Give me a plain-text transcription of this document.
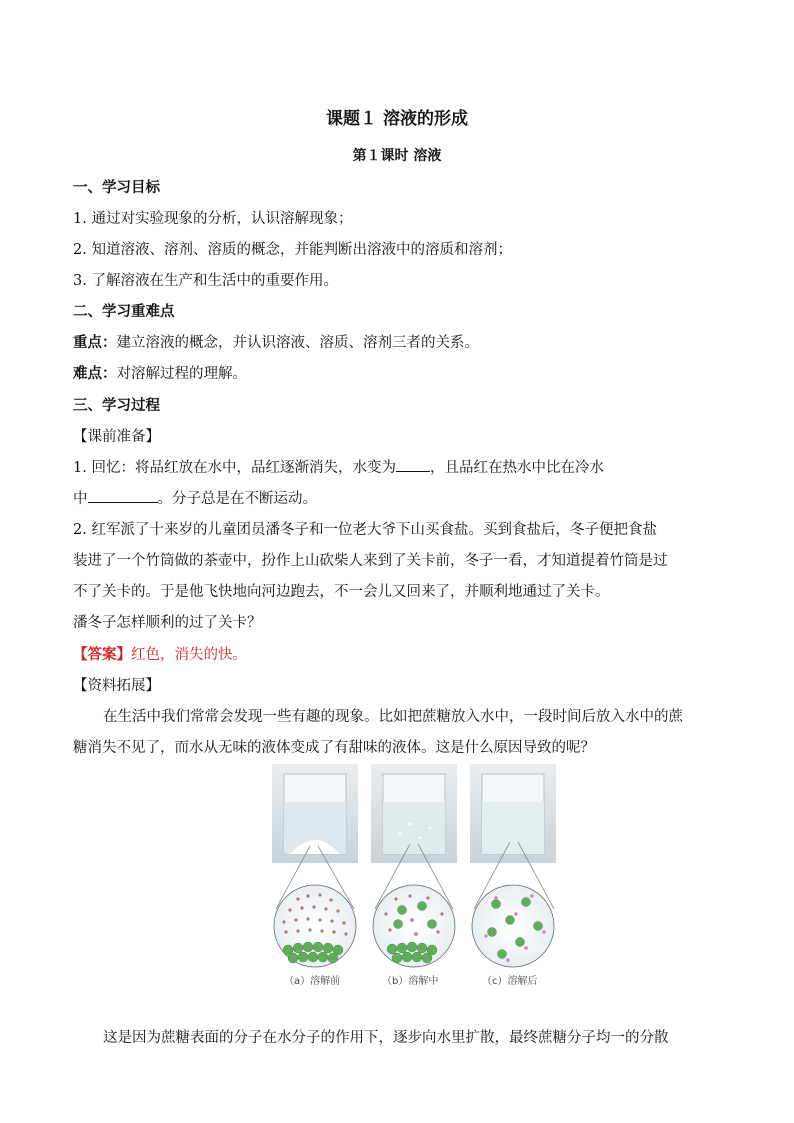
课题１ 溶液的形成
第１课时 溶液
一、学习目标
1. 通过对实验现象的分析，认识溶解现象；
2. 知道溶液、溶剂、溶质的概念，并能判断出溶液中的溶质和溶剂；
3. 了解溶液在生产和生活中的重要作用。
二、学习重难点
重点：建立溶液的概念，并认识溶液、溶质、溶剂三者的关系。
难点：对溶解过程的理解。
三、学习过程
【课前准备】
1. 回忆：将品红放在水中，品红逐渐消失，水变为 ，且品红在热水中比在冷水
中	。分子总是在不断运动。
2. 红军派了十来岁的儿童团员潘冬子和一位老大爷下山买食盐。买到食盐后，冬子便把食盐
装进了一个竹筒做的茶壶中，扮作上山砍柴人来到了关卡前，冬子一看，才知道提着竹筒是过
不了关卡的。于是他飞快地向河边跑去，不一会儿又回来了，并顺利地通过了关卡。
潘冬子怎样顺利的过了关卡？
【答案】红色，消失的快。
【资料拓展】
在生活中我们常常会发现一些有趣的现象。比如把蔗糖放入水中，一段时间后放入水中的蔗
糖消失不见了，而水从无味的液体变成了有甜味的液体。这是什么原因导致的呢？
（a）溶解前	（b）溶解中	（c）溶解后
这是因为蔗糖表面的分子在水分子的作用下，逐步向水里扩散，最终蔗糖分子均一的分散
